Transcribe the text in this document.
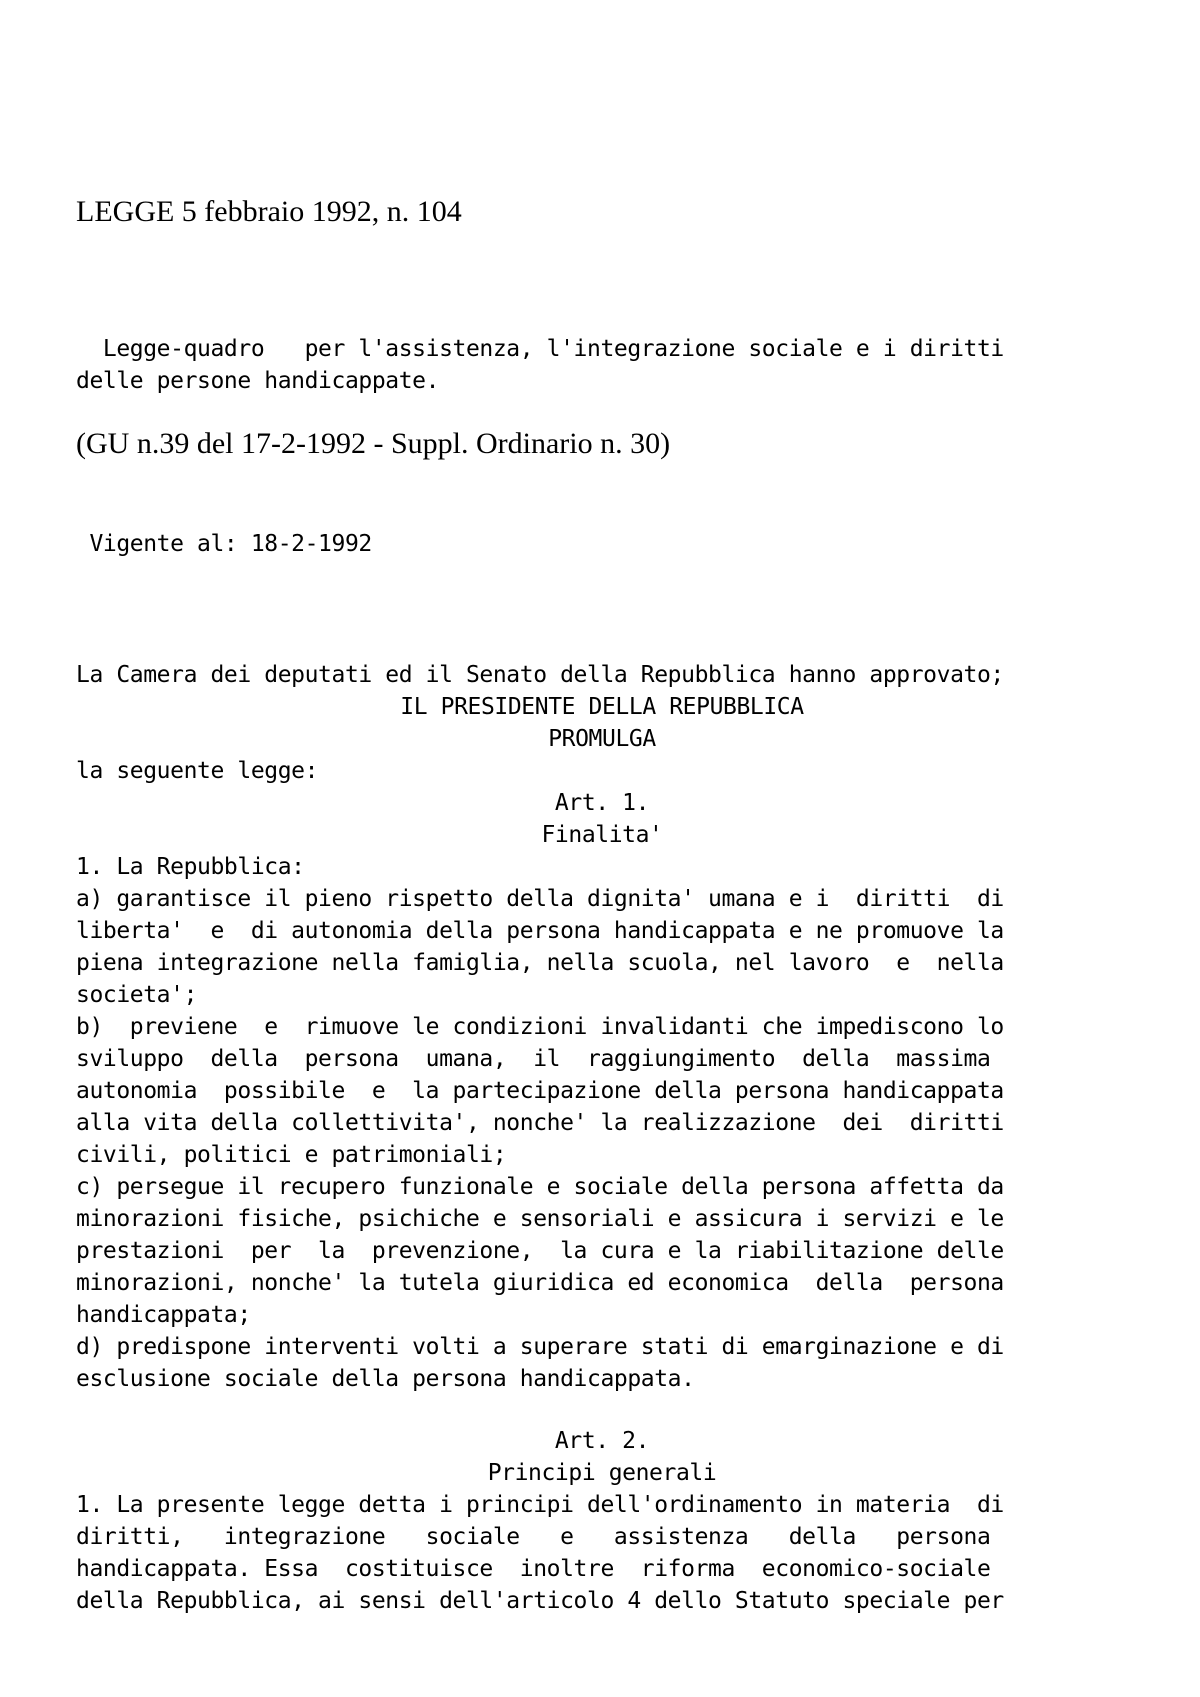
LEGGE 5 febbraio 1992, n. 104
Legge-quadro   per l'assistenza, l'integrazione sociale e i diritti
delle persone handicappate.
(GU n.39 del 17-2-1992 - Suppl. Ordinario n. 30)
Vigente al: 18-2-1992
La Camera dei deputati ed il Senato della Repubblica hanno approvato;
IL PRESIDENTE DELLA REPUBBLICA
PROMULGA
la seguente legge:
Art. 1.
Finalita'
1. La Repubblica:
a) garantisce il pieno rispetto della dignita' umana e i  diritti  di
liberta'  e  di autonomia della persona handicappata e ne promuove la
piena integrazione nella famiglia, nella scuola, nel lavoro  e  nella
societa';
b)  previene  e  rimuove le condizioni invalidanti che impediscono lo
sviluppo  della  persona  umana,  il  raggiungimento  della  massima
autonomia  possibile  e  la partecipazione della persona handicappata
alla vita della collettivita', nonche' la realizzazione  dei  diritti
civili, politici e patrimoniali;
c) persegue il recupero funzionale e sociale della persona affetta da
minorazioni fisiche, psichiche e sensoriali e assicura i servizi e le
prestazioni  per  la  prevenzione,  la cura e la riabilitazione delle
minorazioni, nonche' la tutela giuridica ed economica  della  persona
handicappata;
d) predispone interventi volti a superare stati di emarginazione e di
esclusione sociale della persona handicappata.
Art. 2.
Principi generali
1. La presente legge detta i principi dell'ordinamento in materia  di
diritti,   integrazione   sociale   e   assistenza   della   persona
handicappata. Essa  costituisce  inoltre  riforma  economico-sociale
della Repubblica, ai sensi dell'articolo 4 dello Statuto speciale per
